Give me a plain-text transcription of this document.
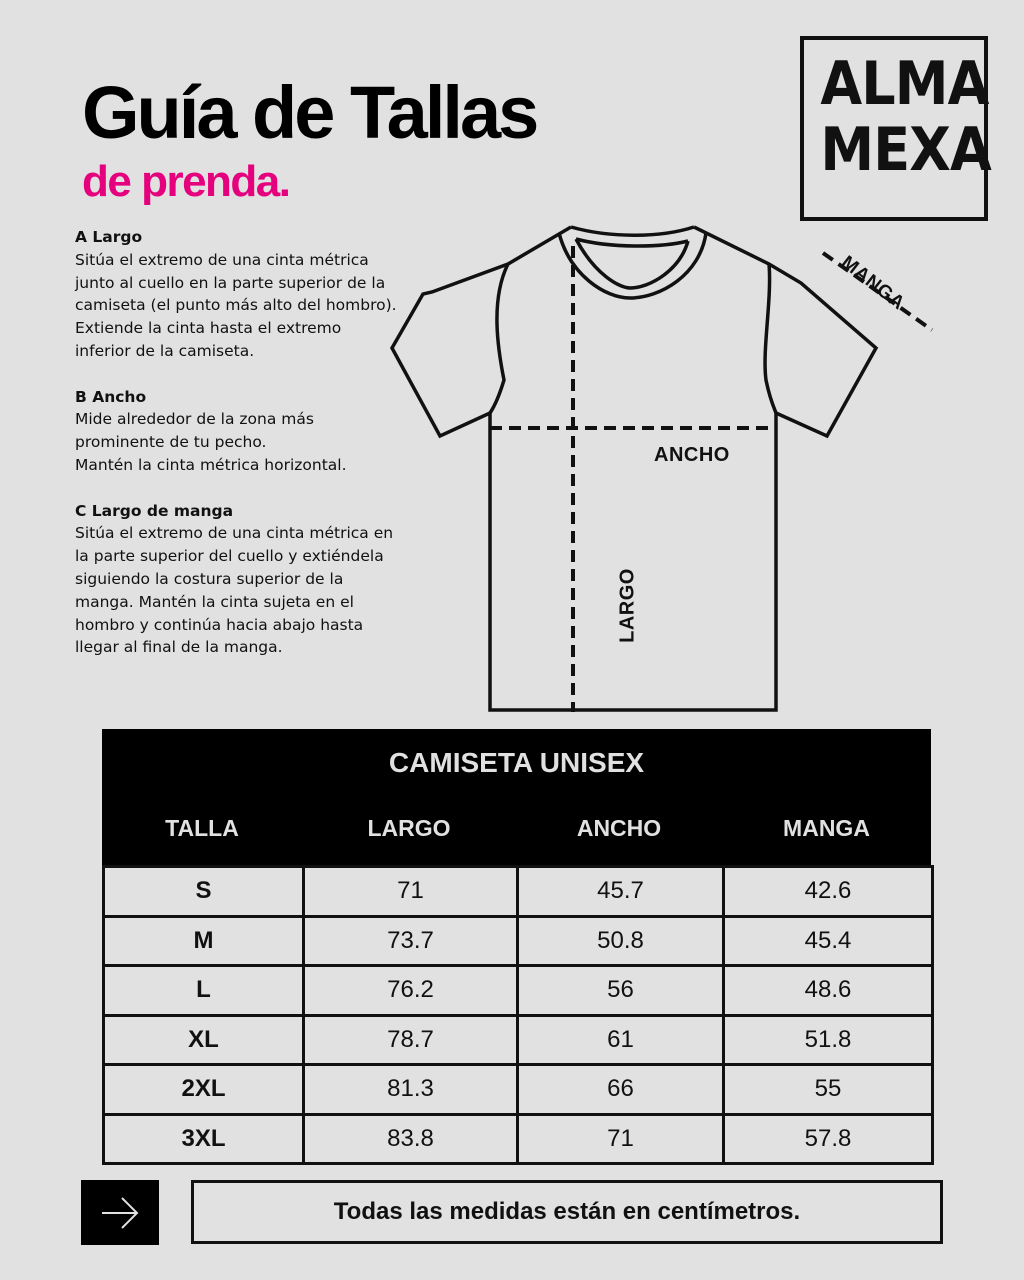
Guía de Tallas
de prenda.
ALMA
MEXA
A Largo
Sitúa el extremo de una cinta métrica
junto al cuello en la parte superior de la
camiseta (el punto más alto del hombro).
Extiende la cinta hasta el extremo
inferior de la camiseta.
B Ancho
Mide alrededor de la zona más
prominente de tu pecho.
Mantén la cinta métrica horizontal.
C Largo de manga
Sitúa el extremo de una cinta métrica en
la parte superior del cuello y extiéndela
siguiendo la costura superior de la
manga. Mantén la cinta sujeta en el
hombro y continúa hacia abajo hasta
llegar al final de la manga.
ANCHO
LARGO
MANGA
CAMISETA UNISEX
TALLA	LARGO	ANCHO	MANGA
S	71	45.7	42.6
M	73.7	50.8	45.4
L	76.2	56	48.6
XL	78.7	61	51.8
2XL	81.3	66	55
3XL	83.8	71	57.8
Todas las medidas están en centímetros.
